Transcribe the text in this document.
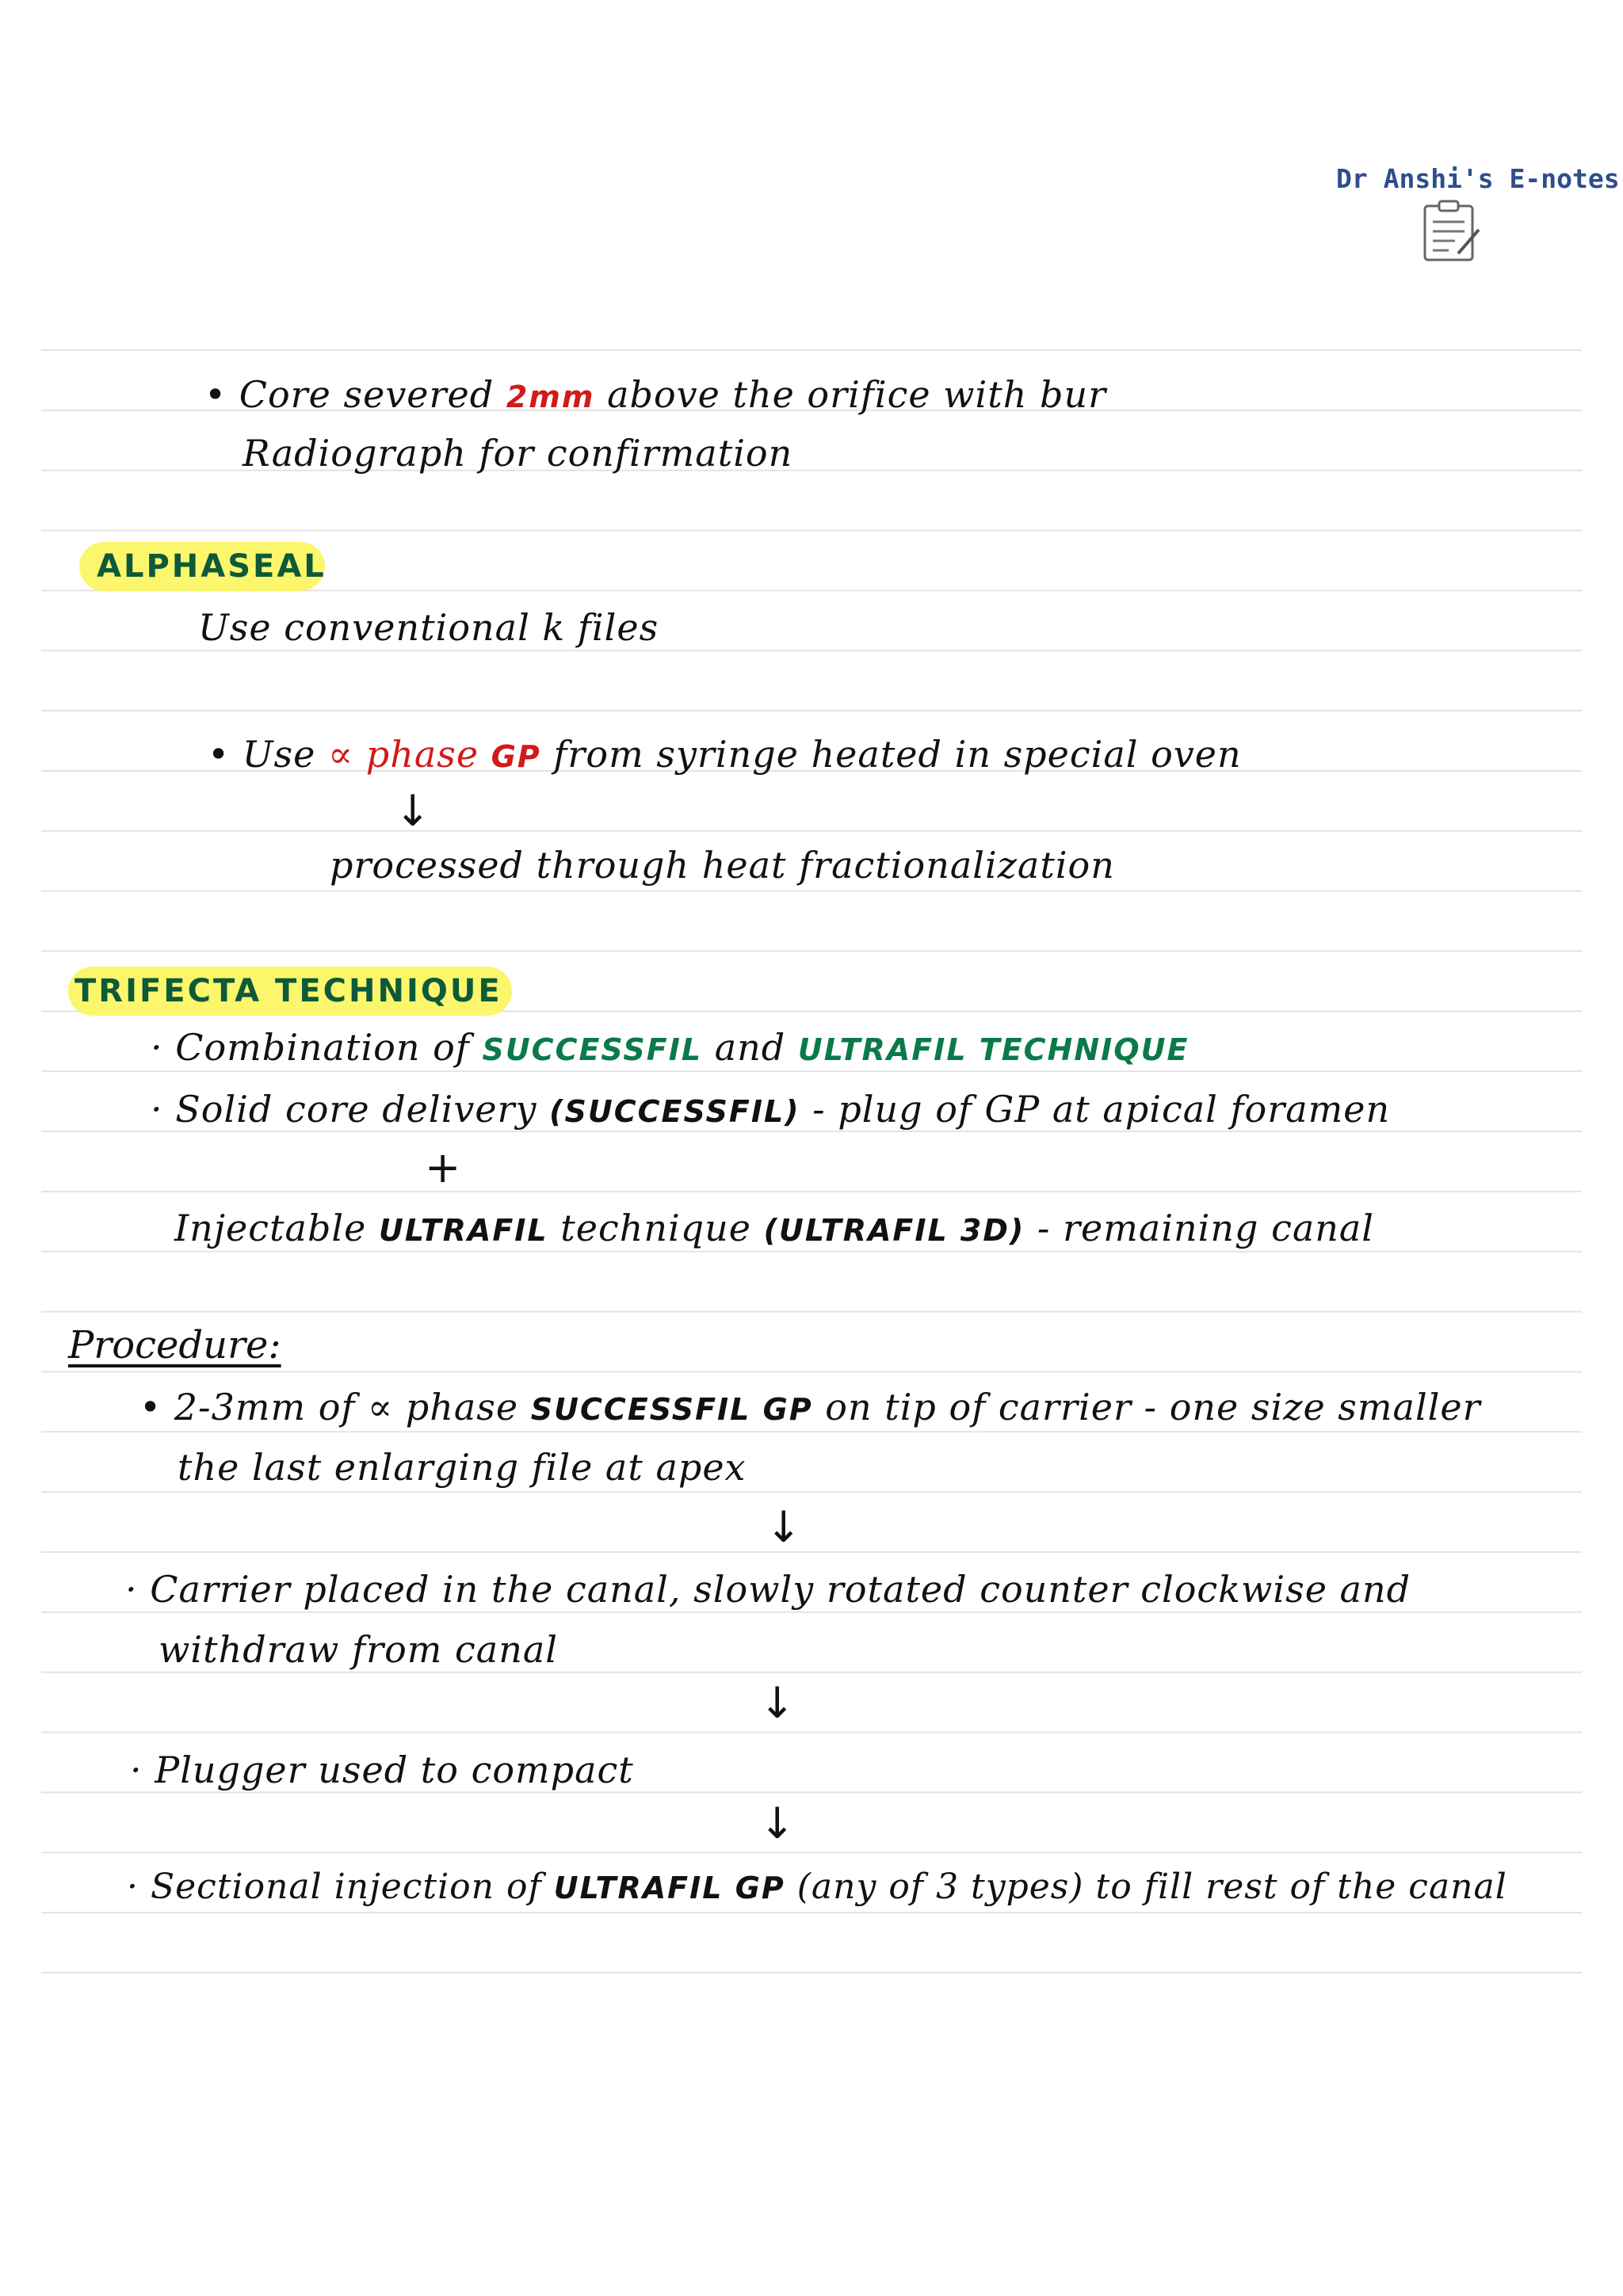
Dr Anshi's E-notes
• Core severed 2mm above the orifice with bur
Radiograph for confirmation
ALPHASEAL
Use conventional k files
• Use ∝ phase GP from syringe heated in special oven
↓
processed through heat fractionalization
TRIFECTA TECHNIQUE
· Combination of SUCCESSFIL and ULTRAFIL TECHNIQUE
· Solid core delivery (SUCCESSFIL) - plug of GP at apical foramen
+
Injectable ULTRAFIL technique (ULTRAFIL 3D) - remaining canal
Procedure:
• 2-3mm of ∝ phase SUCCESSFIL GP on tip of carrier - one size smaller
the last enlarging file at apex
↓
· Carrier placed in the canal, slowly rotated counter clockwise and
withdraw from canal
↓
· Plugger used to compact
↓
· Sectional injection of ULTRAFIL GP (any of 3 types) to fill rest of the canal
